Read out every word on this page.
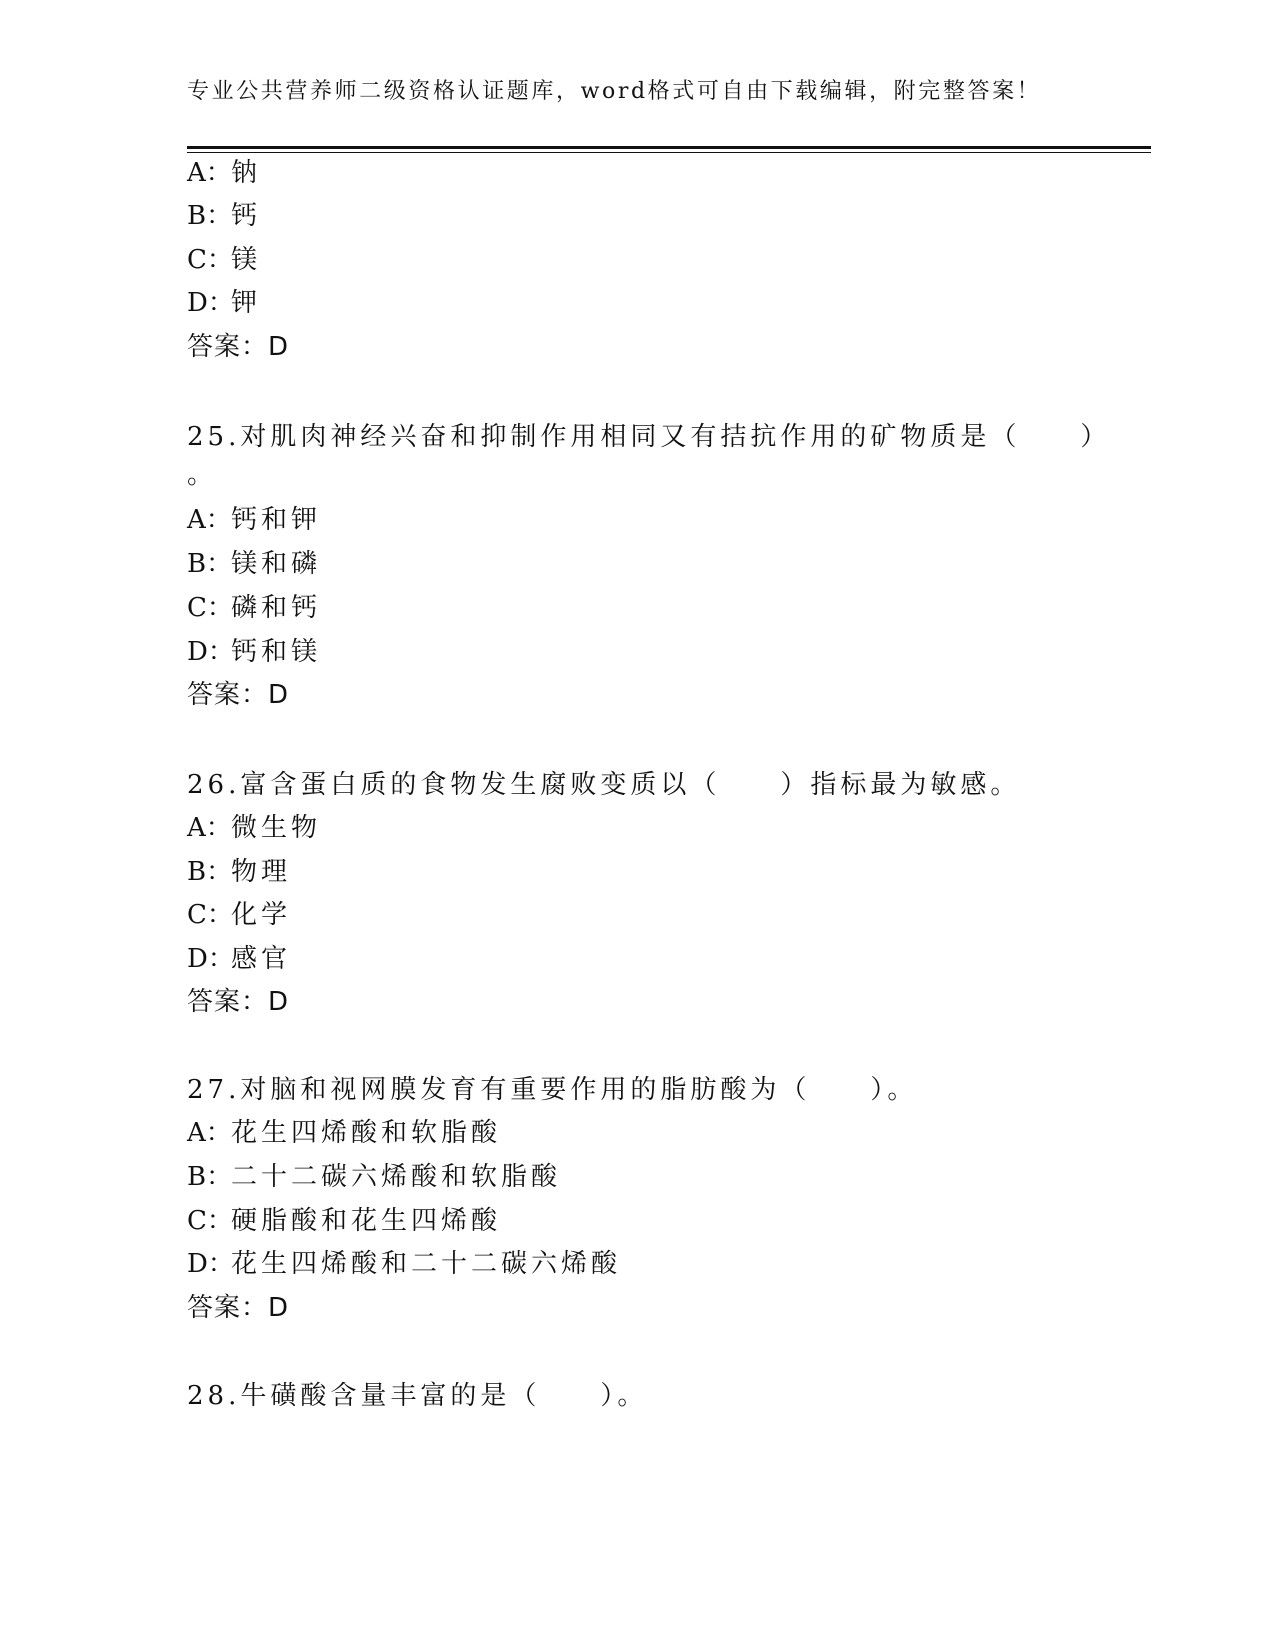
专业公共营养师二级资格认证题库，word格式可自由下载编辑，附完整答案！
A：钠
B：钙
C：镁
D：钾
答案：D
25.对肌肉神经兴奋和抑制作用相同又有拮抗作用的矿物质是（　　）
。
A：钙和钾
B：镁和磷
C：磷和钙
D：钙和镁
答案：D
26.富含蛋白质的食物发生腐败变质以（　　）指标最为敏感。
A：微生物
B：物理
C：化学
D：感官
答案：D
27.对脑和视网膜发育有重要作用的脂肪酸为（　　）。
A：花生四烯酸和软脂酸
B：二十二碳六烯酸和软脂酸
C：硬脂酸和花生四烯酸
D：花生四烯酸和二十二碳六烯酸
答案：D
28.牛磺酸含量丰富的是（　　）。
